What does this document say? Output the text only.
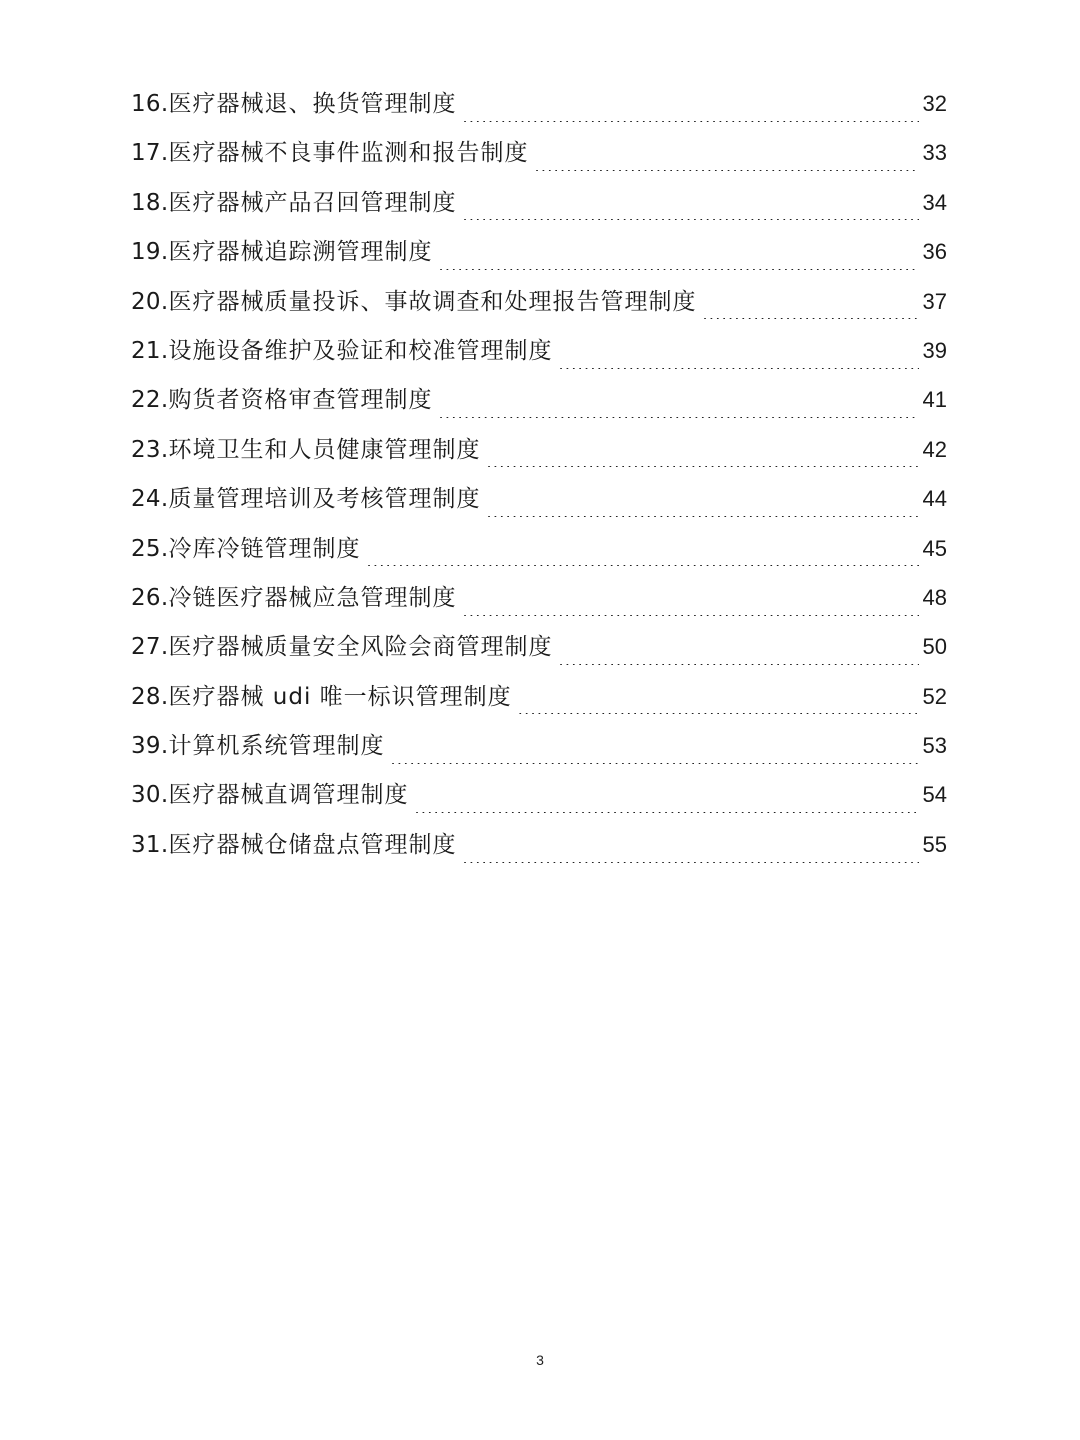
16. 医疗器械退、换货管理制度 .....	32
17. 医疗器械不良事件监测和报告制度 .....	33
18. 医疗器械产品召回管理制度 .....	34
19. 医疗器械追踪溯管理制度 .....	36
20. 医疗器械质量投诉、事故调查和处理报告管理制度 .....	37
21. 设施设备维护及验证和校准管理制度 .....	39
22. 购货者资格审查管理制度 .....	41
23. 环境卫生和人员健康管理制度 .....	42
24. 质量管理培训及考核管理制度 .....	44
25. 冷库冷链管理制度 .....	45
26. 冷链医疗器械应急管理制度 .....	48
27. 医疗器械质量安全风险会商管理制度 .....	50
28. 医疗器械 udi 唯一标识管理制度 .....	52
39. 计算机系统管理制度 .....	53
30. 医疗器械直调管理制度 .....	54
31. 医疗器械仓储盘点管理制度 .....	55
3
